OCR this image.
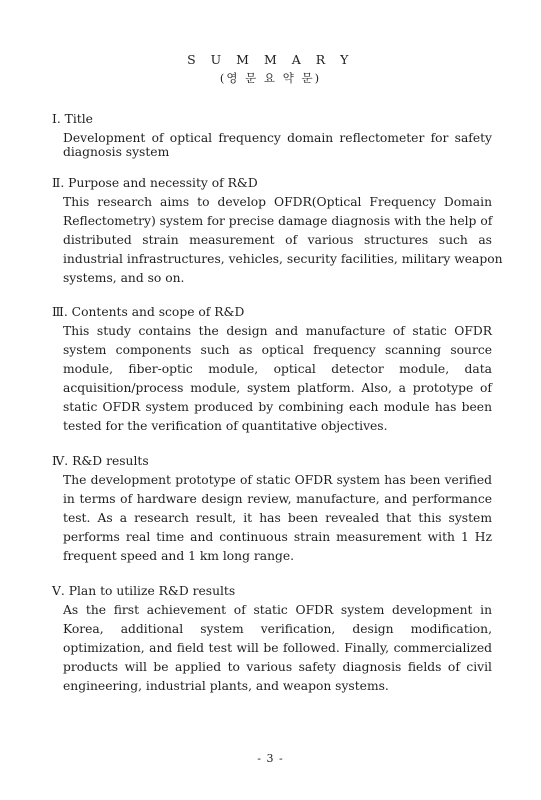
S U M M A R Y
(영 문 요 약 문)
Ⅰ. Title
Development of optical frequency domain reflectometer for safety
diagnosis system
Ⅱ. Purpose and necessity of R&D
This research aims to develop OFDR(Optical Frequency Domain
Reflectometry) system for precise damage diagnosis with the help of
distributed strain measurement of various structures such as
industrial infrastructures, vehicles, security facilities, military weapon
systems, and so on.
Ⅲ. Contents and scope of R&D
This study contains the design and manufacture of static OFDR
system components such as optical frequency scanning source
module, fiber-optic module, optical detector module, data
acquisition/process module, system platform. Also, a prototype of
static OFDR system produced by combining each module has been
tested for the verification of quantitative objectives.
Ⅳ. R&D results
The development prototype of static OFDR system has been verified
in terms of hardware design review, manufacture, and performance
test. As a research result, it has been revealed that this system
performs real time and continuous strain measurement with 1 Hz
frequent speed and 1 km long range.
Ⅴ. Plan to utilize R&D results
As the first achievement of static OFDR system development in
Korea, additional system verification, design modification,
optimization, and field test will be followed. Finally, commercialized
products will be applied to various safety diagnosis fields of civil
engineering, industrial plants, and weapon systems.
- 3 -
